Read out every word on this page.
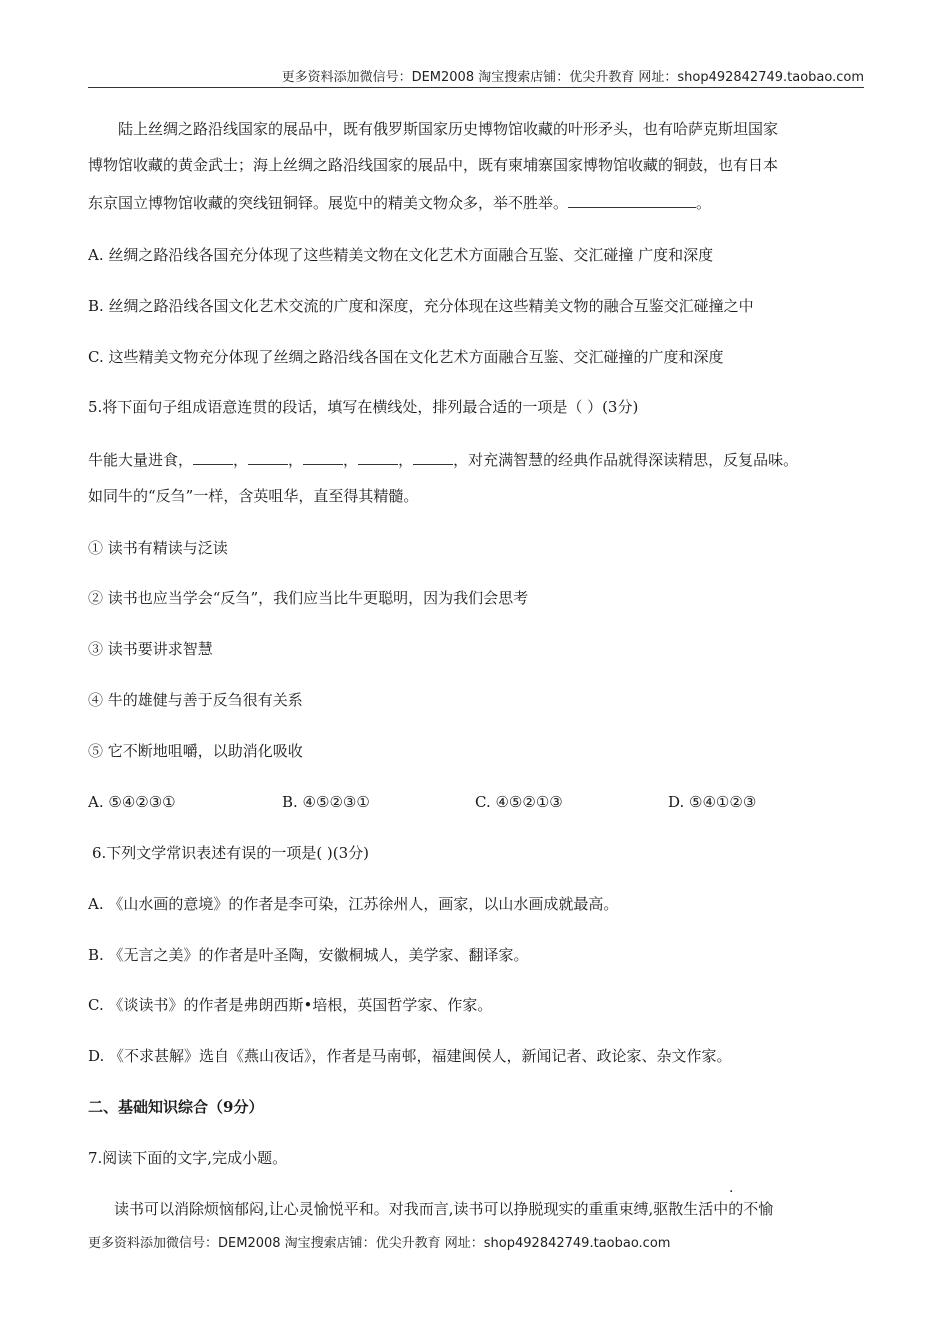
更多资料添加微信号：DEM2008 淘宝搜索店铺：优尖升教育 网址：shop492842749.taobao.com
陆上丝绸之路沿线国家的展品中，既有俄罗斯国家历史博物馆收藏的叶形矛头，也有哈萨克斯坦国家
博物馆收藏的黄金武士；海上丝绸之路沿线国家的展品中，既有柬埔寨国家博物馆收藏的铜鼓，也有日本
东京国立博物馆收藏的突线钮铜铎。展览中的精美文物众多，举不胜举。	。
A. 丝绸之路沿线各国充分体现了这些精美文物在文化艺术方面融合互鉴、交汇碰撞 广度和深度
B. 丝绸之路沿线各国文化艺术交流的广度和深度，充分体现在这些精美文物的融合互鉴交汇碰撞之中
C. 这些精美文物充分体现了丝绸之路沿线各国在文化艺术方面融合互鉴、交汇碰撞的广度和深度
5.将下面句子组成语意连贯的段话，填写在横线处，排列最合适的一项是（ ）(3分)
牛能大量进食，	，	，	，	，	，对充满智慧的经典作品就得深读精思，反复品味。
如同牛的“反刍”一样，含英咀华，直至得其精髓。
① 读书有精读与泛读
② 读书也应当学会“反刍”，我们应当比牛更聪明，因为我们会思考
③ 读书要讲求智慧
④ 牛的雄健与善于反刍很有关系
⑤ 它不断地咀嚼，以助消化吸收
A. ⑤④②③①	B. ④⑤②③①	C. ④⑤②①③	D. ⑤④①②③
6.下列文学常识表述有误的一项是( )(3分)
A. 《山水画的意境》的作者是李可染，江苏徐州人，画家，以山水画成就最高。
B. 《无言之美》的作者是叶圣陶，安徽桐城人，美学家、翻译家。
C. 《谈读书》的作者是弗朗西斯•培根，英国哲学家、作家。
D. 《不求甚解》选自《燕山夜话》，作者是马南邨，福建闽侯人，新闻记者、政论家、杂文作家。
二、基础知识综合（9分）
7.阅读下面的文字,完成小题。
·
读书可以消除烦恼郁闷,让心灵愉悦平和。对我而言,读书可以挣脱现实的重重束缚,驱散生活中的不愉
更多资料添加微信号：DEM2008 淘宝搜索店铺：优尖升教育 网址：shop492842749.taobao.com
